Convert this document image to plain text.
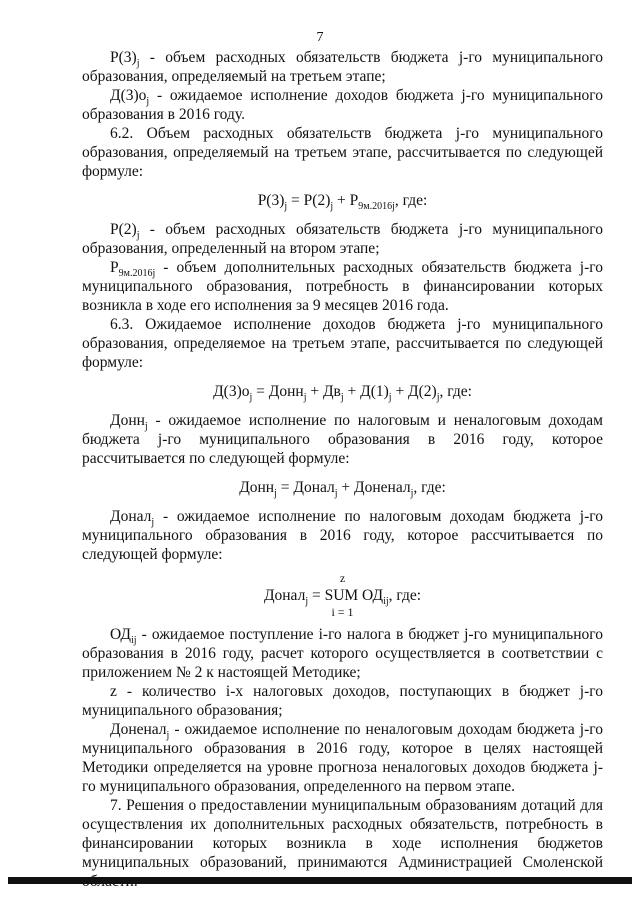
7

$Р(3)_j$ - объем расходных обязательств бюджета j-го муниципального образования, определяемый на третьем этапе;

$Д(3)о_j$ - ожидаемое исполнение доходов бюджета j-го муниципального образования в 2016 году.

6.2. Объем расходных обязательств бюджета j-го муниципального образования, определяемый на третьем этапе, рассчитывается по следующей формуле:

$Р(3)_j = Р(2)_j + Р_{9м.2016j}$, где:

$Р(2)_j$ - объем расходных обязательств бюджета j-го муниципального образования, определенный на втором этапе;

$Р_{9м.2016j}$ - объем дополнительных расходных обязательств бюджета j-го муниципального образования, потребность в финансировании которых возникла в ходе его исполнения за 9 месяцев 2016 года.

6.3. Ожидаемое исполнение доходов бюджета j-го муниципального образования, определяемое на третьем этапе, рассчитывается по следующей формуле:

$Д(3)о_j$ = Донн$_j$ + $Дв_j + Д(1)_j + Д(2)_j$, где:

Донн$_j$ - ожидаемое исполнение по налоговым и неналоговым доходам бюджета j-го муниципального образования в 2016 году, которое рассчитывается по следующей формуле:

Донн$_j$ = Донал$_j$ + Доненал$_j$, где:

Донал$_j$ - ожидаемое исполнение по налоговым доходам бюджета j-го муниципального образования в 2016 году, которое рассчитывается по следующей формуле:

z
Донал$_j$ = SUM $ОД_{ij}$, где:
i = 1

$ОД_{ij}$ - ожидаемое поступление i-го налога в бюджет j-го муниципального образования в 2016 году, расчет которого осуществляется в соответствии с приложением № 2 к настоящей Методике;

z - количество i-х налоговых доходов, поступающих в бюджет j-го муниципального образования;

Доненал$_j$ - ожидаемое исполнение по неналоговым доходам бюджета j-го муниципального образования в 2016 году, которое в целях настоящей Методики определяется на уровне прогноза неналоговых доходов бюджета j-го муниципального образования, определенного на первом этапе.

7. Решения о предоставлении муниципальным образованиям дотаций для осуществления их дополнительных расходных обязательств, потребность в финансировании которых возникла в ходе исполнения бюджетов муниципальных образований, принимаются Администрацией Смоленской
